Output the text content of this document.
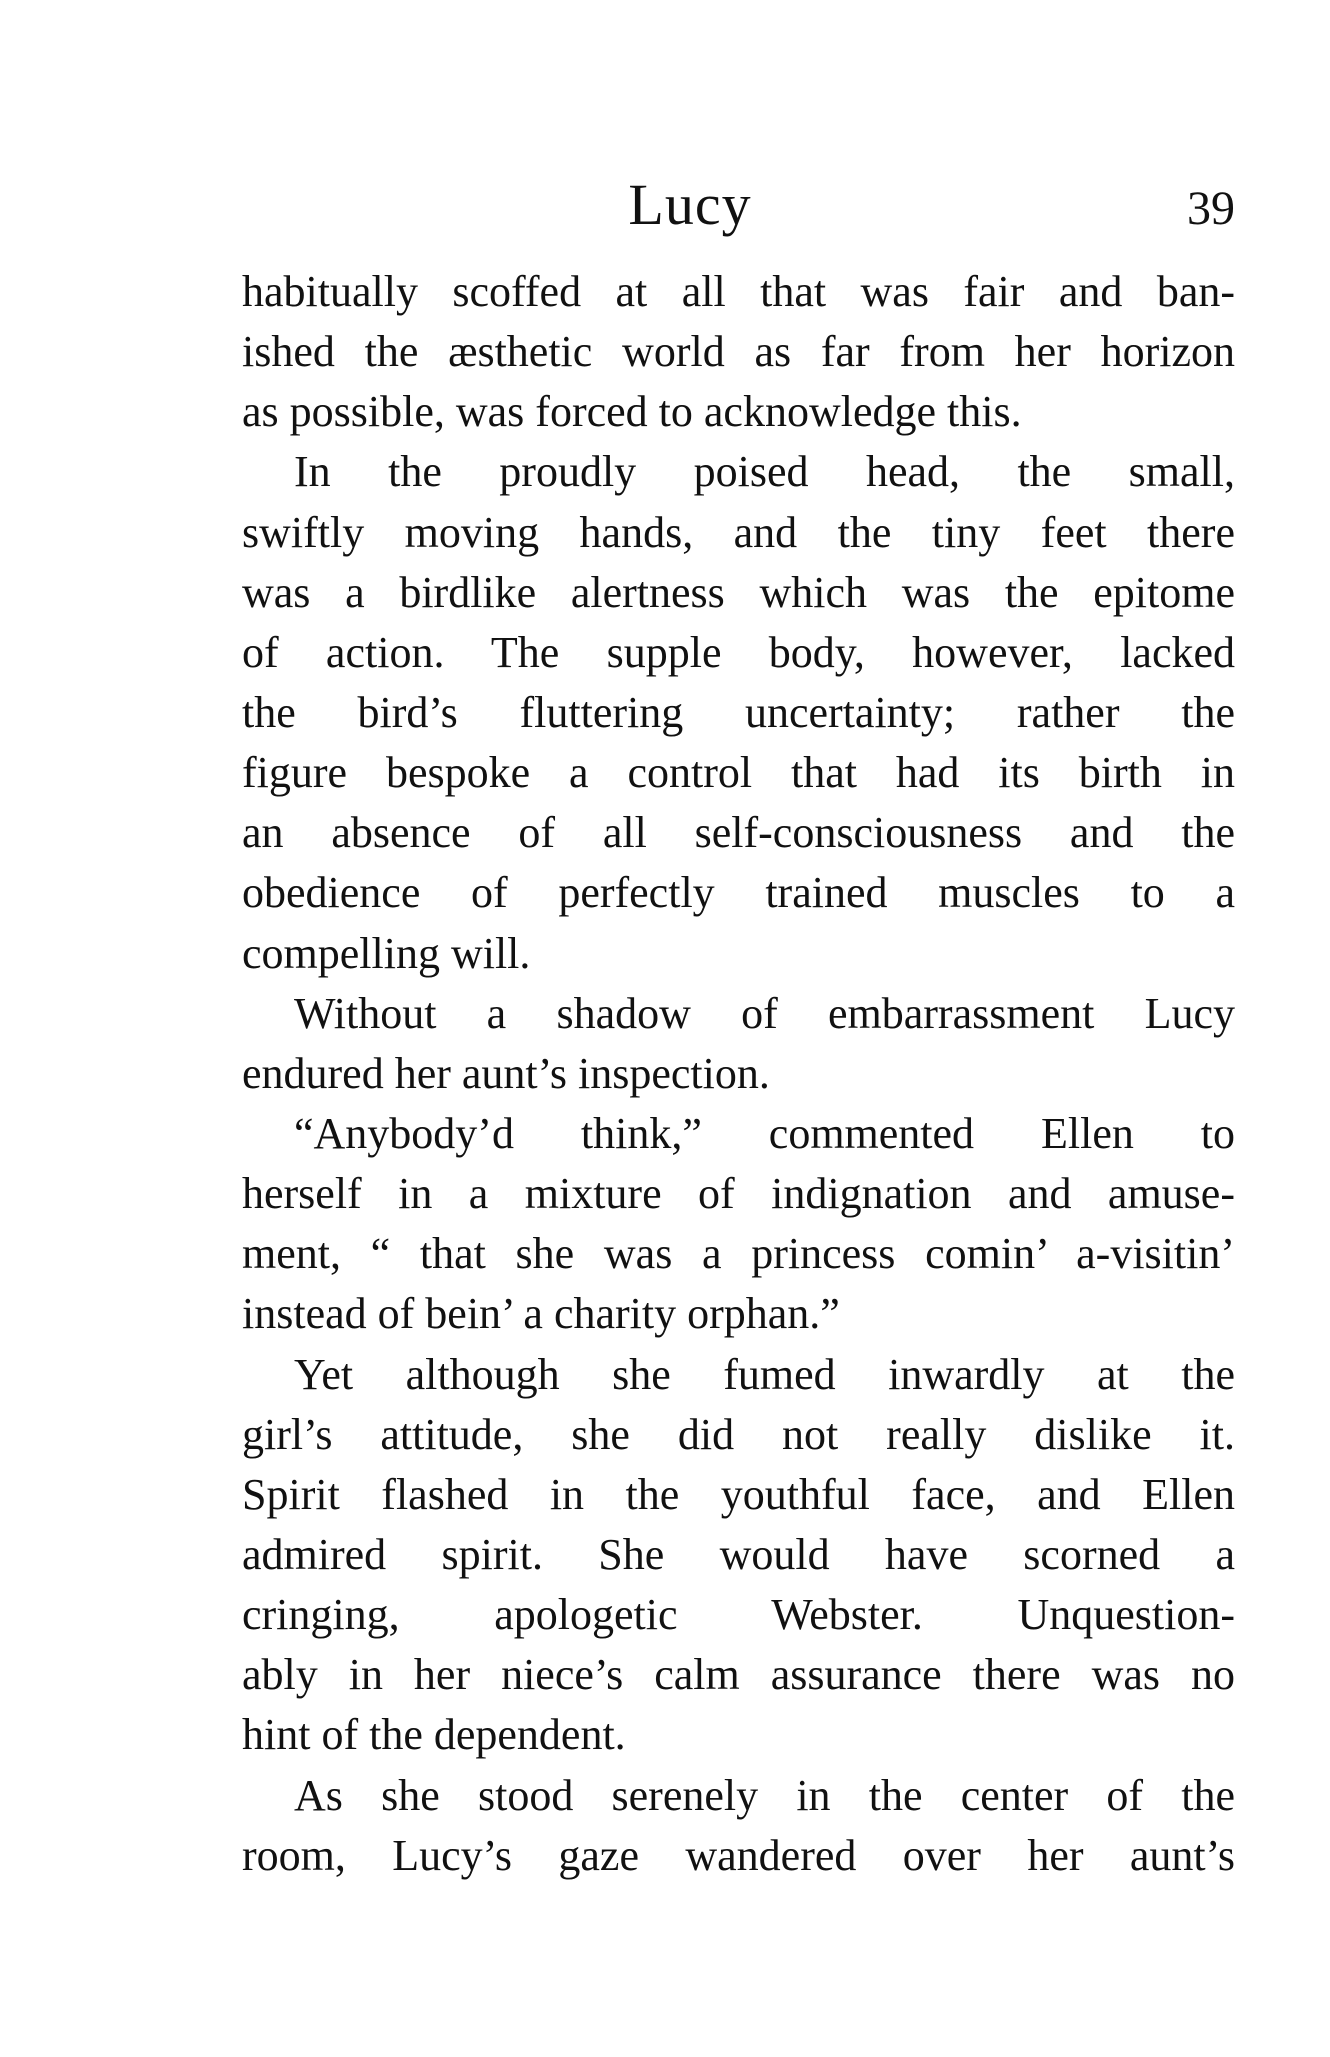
Lucy	39
habitually scoffed at all that was fair and ban-
ished the æsthetic world as far from her horizon
as possible, was forced to acknowledge this.
In the proudly poised head, the small,
swiftly moving hands, and the tiny feet there
was a birdlike alertness which was the epitome
of action. The supple body, however, lacked
the bird’s fluttering uncertainty; rather the
figure bespoke a control that had its birth in
an absence of all self-consciousness and the
obedience of perfectly trained muscles to a
compelling will.
Without a shadow of embarrassment Lucy
endured her aunt’s inspection.
“Anybody’d think,” commented Ellen to
herself in a mixture of indignation and amuse-
ment, “ that she was a princess comin’ a-visitin’
instead of bein’ a charity orphan.”
Yet although she fumed inwardly at the
girl’s attitude, she did not really dislike it.
Spirit flashed in the youthful face, and Ellen
admired spirit. She would have scorned a
cringing, apologetic Webster. Unquestion-
ably in her niece’s calm assurance there was no
hint of the dependent.
As she stood serenely in the center of the
room, Lucy’s gaze wandered over her aunt’s
